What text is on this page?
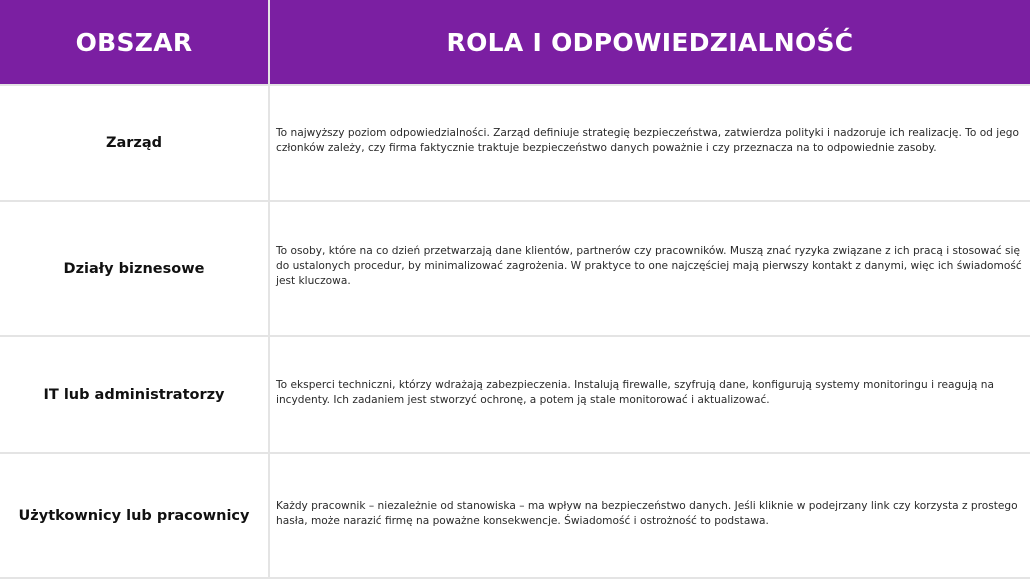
OBSZAR	ROLA I ODPOWIEDZIALNOŚĆ
Zarząd
To najwyższy poziom odpowiedzialności. Zarząd definiuje strategię bezpieczeństwa, zatwierdza polityki i nadzoruje ich realizację. To od jego członków zależy, czy firma faktycznie traktuje bezpieczeństwo danych poważnie i czy przeznacza na to odpowiednie zasoby.
Działy biznesowe
To osoby, które na co dzień przetwarzają dane klientów, partnerów czy pracowników. Muszą znać ryzyka związane z ich pracą i stosować się do ustalonych procedur, by minimalizować zagrożenia. W praktyce to one najczęściej mają pierwszy kontakt z danymi, więc ich świadomość jest kluczowa.
IT lub administratorzy
To eksperci techniczni, którzy wdrażają zabezpieczenia. Instalują firewalle, szyfrują dane, konfigurują systemy monitoringu i reagują na incydenty. Ich zadaniem jest stworzyć ochronę, a potem ją stale monitorować i aktualizować.
Użytkownicy lub pracownicy
Każdy pracownik – niezależnie od stanowiska – ma wpływ na bezpieczeństwo danych. Jeśli kliknie w podejrzany link czy korzysta z prostego hasła, może narazić firmę na poważne konsekwencje. Świadomość i ostrożność to podstawa.
